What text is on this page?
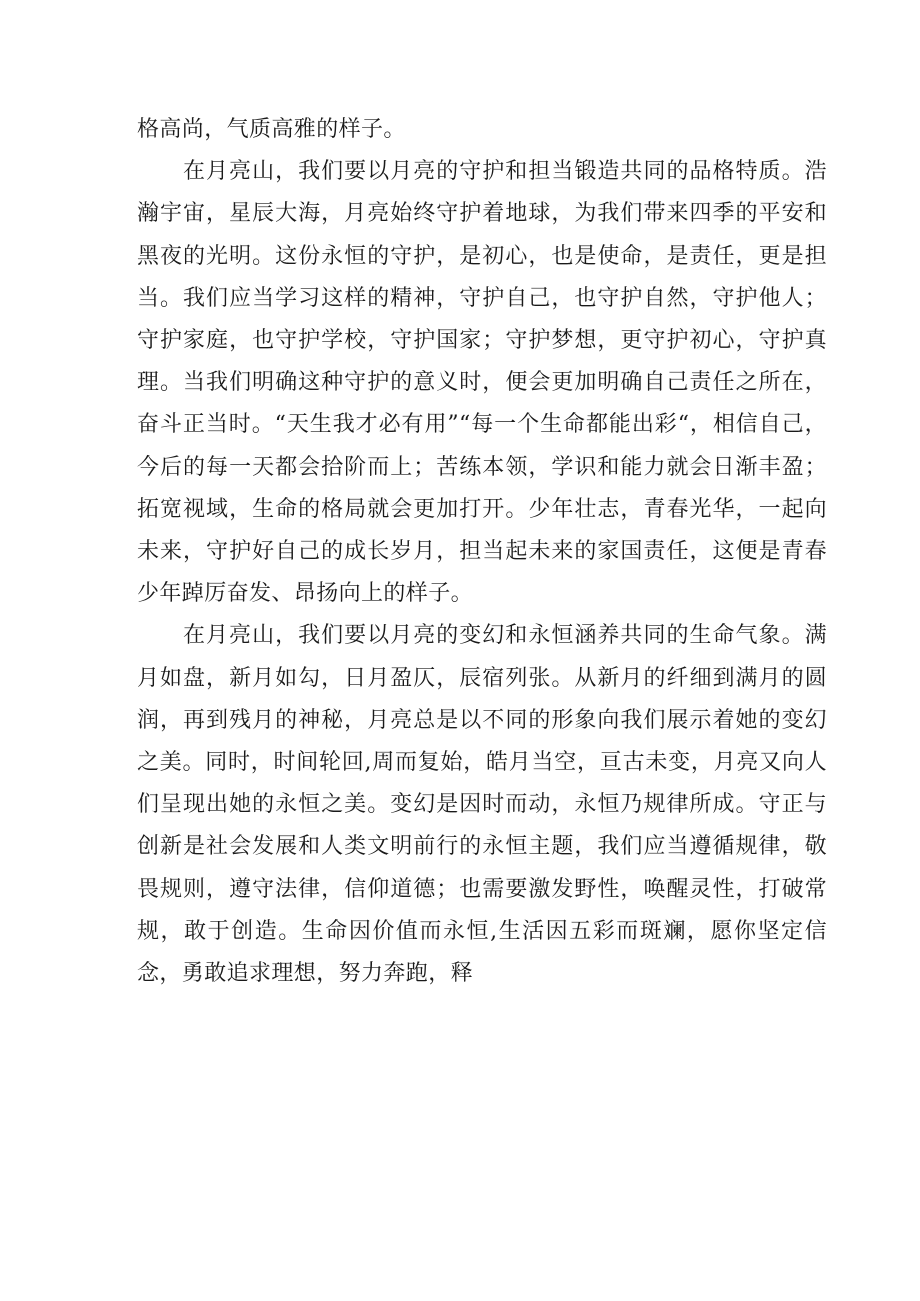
格高尚，气质高雅的样子。

在月亮山，我们要以月亮的守护和担当锻造共同的品格特质。浩瀚宇宙，星辰大海，月亮始终守护着地球，为我们带来四季的平安和黑夜的光明。这份永恒的守护，是初心，也是使命，是责任，更是担当。我们应当学习这样的精神，守护自己，也守护自然，守护他人；守护家庭，也守护学校，守护国家；守护梦想，更守护初心，守护真理。当我们明确这种守护的意义时，便会更加明确自己责任之所在，奋斗正当时。“天生我才必有用”“每一个生命都能出彩“，相信自己，今后的每一天都会拾阶而上；苦练本领，学识和能力就会日渐丰盈；拓宽视域，生命的格局就会更加打开。少年壮志，青春光华，一起向未来，守护好自己的成长岁月，担当起未来的家国责任，这便是青春少年踔厉奋发、昂扬向上的样子。

在月亮山，我们要以月亮的变幻和永恒涵养共同的生命气象。满月如盘，新月如勾，日月盈仄，辰宿列张。从新月的纤细到满月的圆润，再到残月的神秘，月亮总是以不同的形象向我们展示着她的变幻之美。同时，时间轮回,周而复始，皓月当空，亘古未变，月亮又向人们呈现出她的永恒之美。变幻是因时而动，永恒乃规律所成。守正与创新是社会发展和人类文明前行的永恒主题，我们应当遵循规律，敬畏规则，遵守法律，信仰道德；也需要激发野性，唤醒灵性，打破常规，敢于创造。生命因价值而永恒,生活因五彩而斑斓，愿你坚定信念，勇敢追求理想，努力奔跑，释
